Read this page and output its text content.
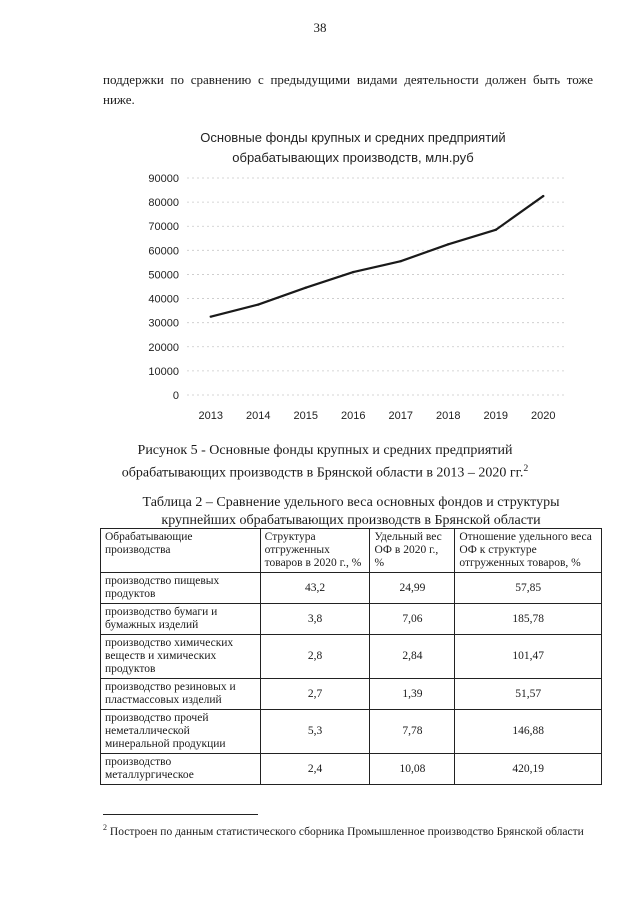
38
поддержки по сравнению с предыдущими видами деятельности должен быть тоже ниже.
Основные фонды крупных и средних предприятий
обрабатывающих производств, млн.руб
0
10000
20000
30000
40000
50000
60000
70000
80000
90000
2013 2014 2015 2016 2017 2018 2019 2020
Рисунок 5 - Основные фонды крупных и средних предприятий
обрабатывающих производств в Брянской области в 2013 – 2020 гг.$^2$
Таблица 2 – Сравнение удельного веса основных фондов и структуры
крупнейших обрабатывающих производств в Брянской области
Обрабатывающие производства	Структура отгруженных товаров в 2020 г., %	Удельный вес ОФ в 2020 г., %	Отношение удельного веса ОФ к структуре отгруженных товаров, %
производство пищевых продуктов	43,2	24,99	57,85
производство бумаги и бумажных изделий	3,8	7,06	185,78
производство химических веществ и химических продуктов	2,8	2,84	101,47
производство резиновых и пластмассовых изделий	2,7	1,39	51,57
производство прочей неметаллической минеральной продукции	5,3	7,78	146,88
производство металлургическое	2,4	10,08	420,19
$^2$ Построен по данным статистического сборника Промышленное производство Брянской области
